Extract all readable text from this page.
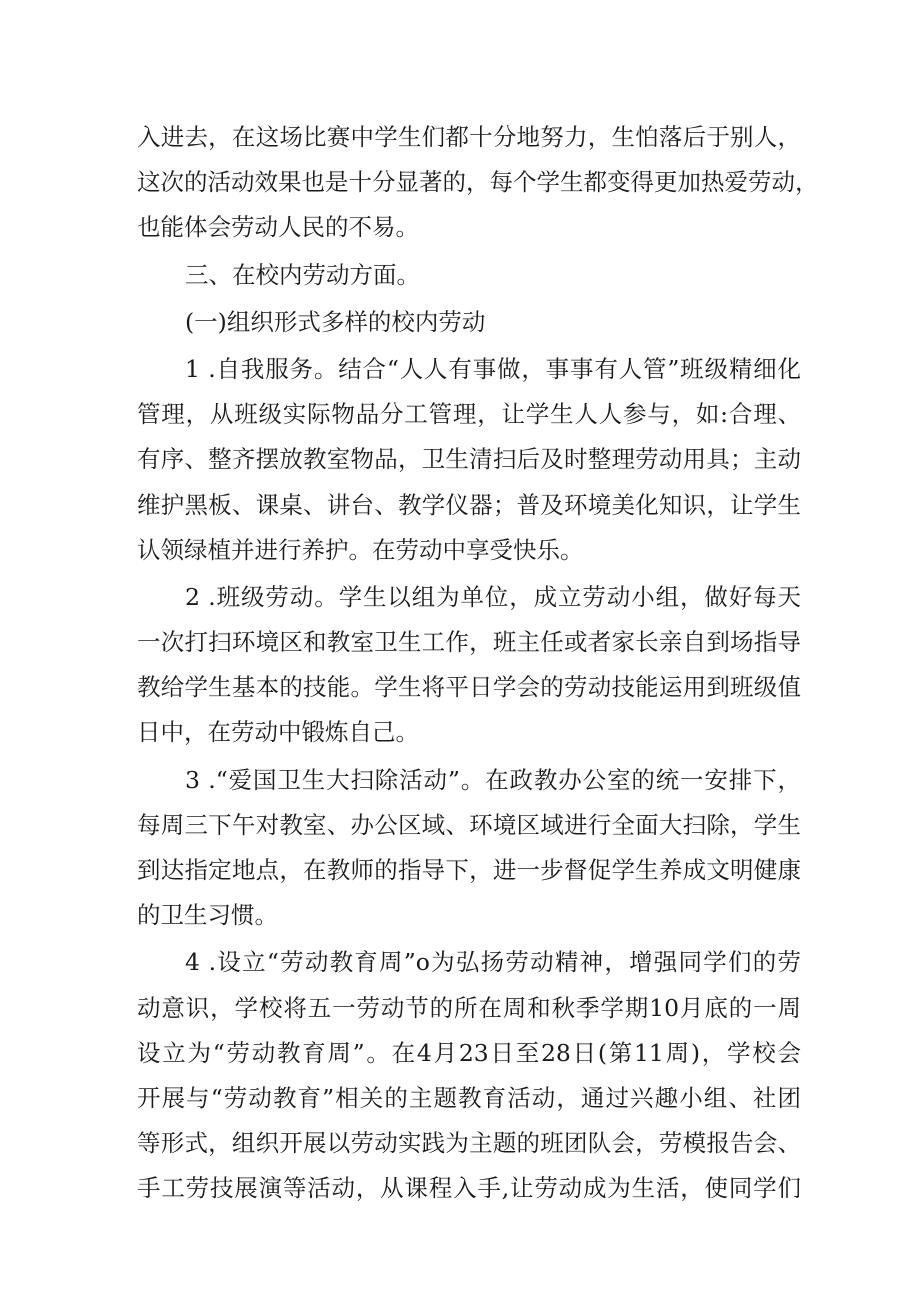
入进去，在这场比赛中学生们都十分地努力，生怕落后于别人，
这次的活动效果也是十分显著的，每个学生都变得更加热爱劳动，
也能体会劳动人民的不易。
三、在校内劳动方面。
(一)组织形式多样的校内劳动
1 .自我服务。结合“人人有事做，事事有人管”班级精细化
管理，从班级实际物品分工管理，让学生人人参与，如:合理、
有序、整齐摆放教室物品，卫生清扫后及时整理劳动用具；主动
维护黑板、课桌、讲台、教学仪器；普及环境美化知识，让学生
认领绿植并进行养护。在劳动中享受快乐。
2 .班级劳动。学生以组为单位，成立劳动小组，做好每天
一次打扫环境区和教室卫生工作，班主任或者家长亲自到场指导
教给学生基本的技能。学生将平日学会的劳动技能运用到班级值
日中，在劳动中锻炼自己。
3 .“爱国卫生大扫除活动”。在政教办公室的统一安排下，
每周三下午对教室、办公区域、环境区域进行全面大扫除，学生
到达指定地点，在教师的指导下，进一步督促学生养成文明健康
的卫生习惯。
4 .设立“劳动教育周”o为弘扬劳动精神，增强同学们的劳
动意识，学校将五一劳动节的所在周和秋季学期10月底的一周
设立为“劳动教育周”。在4月23日至28日(第11周)，学校会
开展与“劳动教育”相关的主题教育活动，通过兴趣小组、社团
等形式，组织开展以劳动实践为主题的班团队会，劳模报告会、
手工劳技展演等活动，从课程入手,让劳动成为生活，使同学们
